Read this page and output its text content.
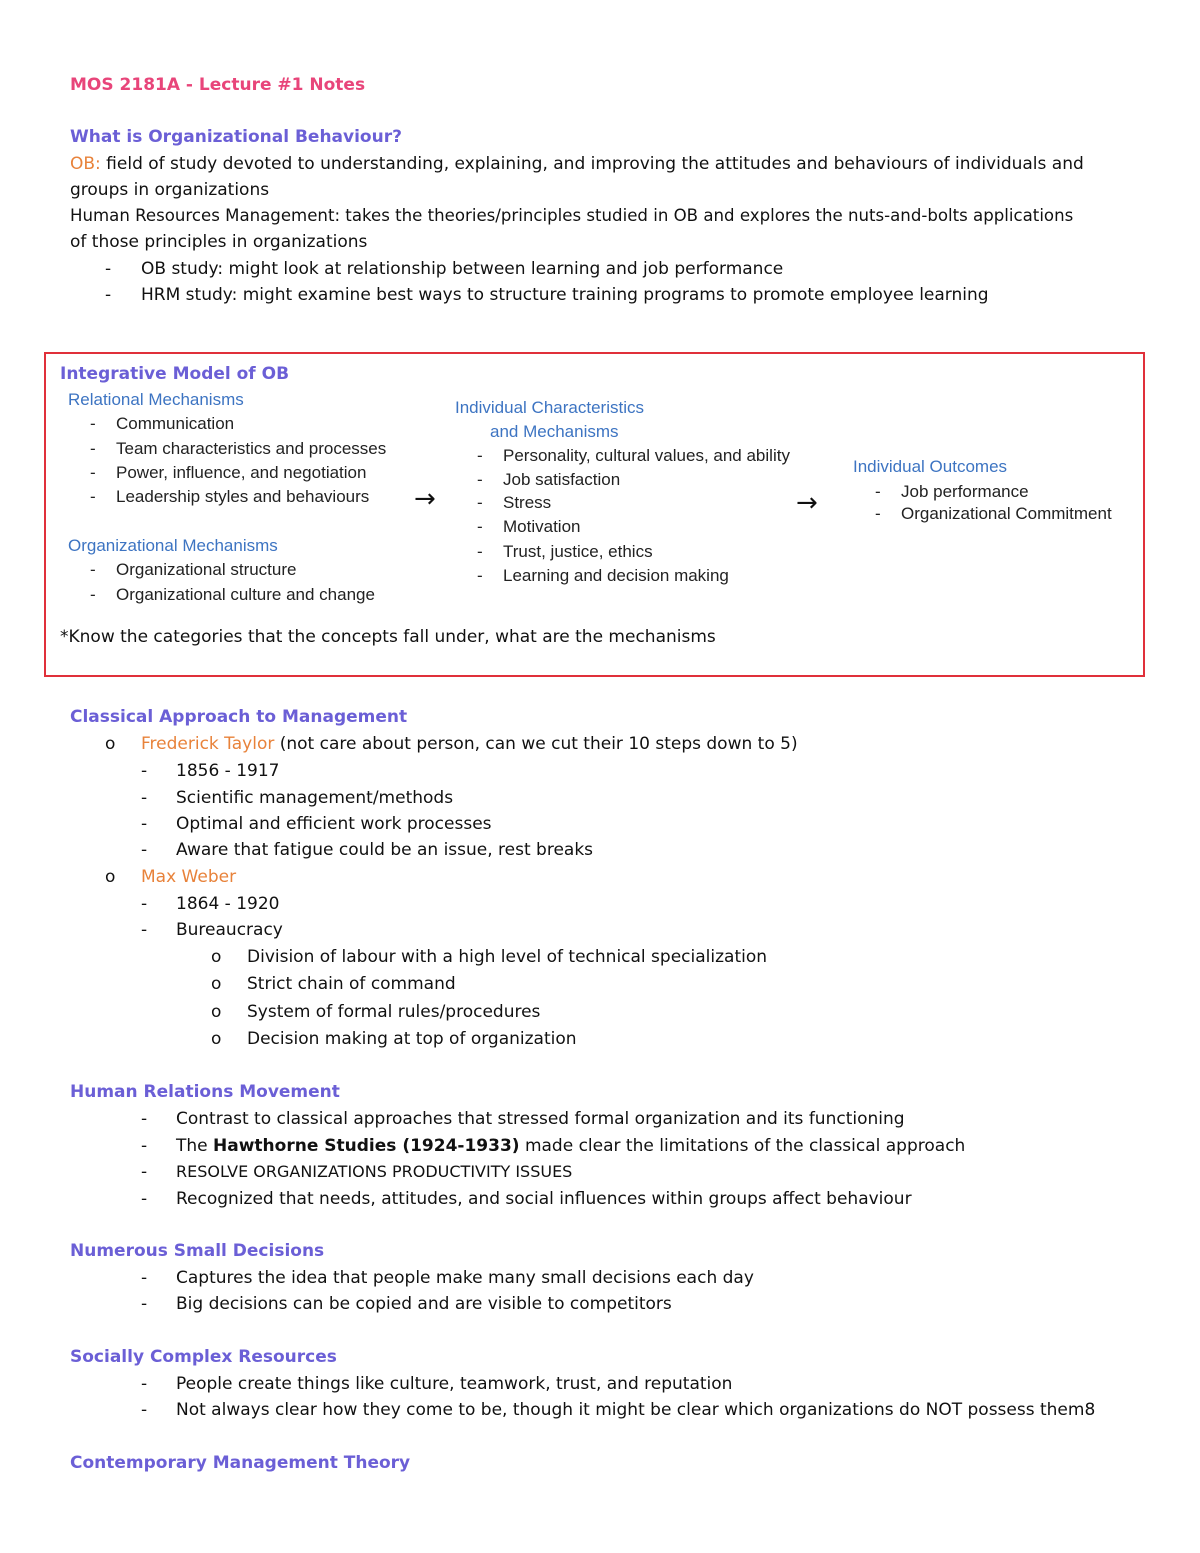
MOS 2181A - Lecture #1 Notes
What is Organizational Behaviour?
OB: field of study devoted to understanding, explaining, and improving the attitudes and behaviours of individuals and
groups in organizations
Human Resources Management: takes the theories/principles studied in OB and explores the nuts-and-bolts applications
of those principles in organizations
- OB study: might look at relationship between learning and job performance
- HRM study: might examine best ways to structure training programs to promote employee learning
Integrative Model of OB
Relational Mechanisms
- Communication
- Team characteristics and processes
- Power, influence, and negotiation
- Leadership styles and behaviours
Organizational Mechanisms
- Organizational structure
- Organizational culture and change
→
Individual Characteristics
and Mechanisms
- Personality, cultural values, and ability
- Job satisfaction
- Stress
- Motivation
- Trust, justice, ethics
- Learning and decision making
→
Individual Outcomes
- Job performance
- Organizational Commitment
*Know the categories that the concepts fall under, what are the mechanisms
Classical Approach to Management
o Frederick Taylor (not care about person, can we cut their 10 steps down to 5)
- 1856 - 1917
- Scientific management/methods
- Optimal and efficient work processes
- Aware that fatigue could be an issue, rest breaks
o Max Weber
- 1864 - 1920
- Bureaucracy
o Division of labour with a high level of technical specialization
o Strict chain of command
o System of formal rules/procedures
o Decision making at top of organization
Human Relations Movement
- Contrast to classical approaches that stressed formal organization and its functioning
- The Hawthorne Studies (1924-1933) made clear the limitations of the classical approach
- RESOLVE ORGANIZATIONS PRODUCTIVITY ISSUES
- Recognized that needs, attitudes, and social influences within groups affect behaviour
Numerous Small Decisions
- Captures the idea that people make many small decisions each day
- Big decisions can be copied and are visible to competitors
Socially Complex Resources
- People create things like culture, teamwork, trust, and reputation
- Not always clear how they come to be, though it might be clear which organizations do NOT possess them8
Contemporary Management Theory
